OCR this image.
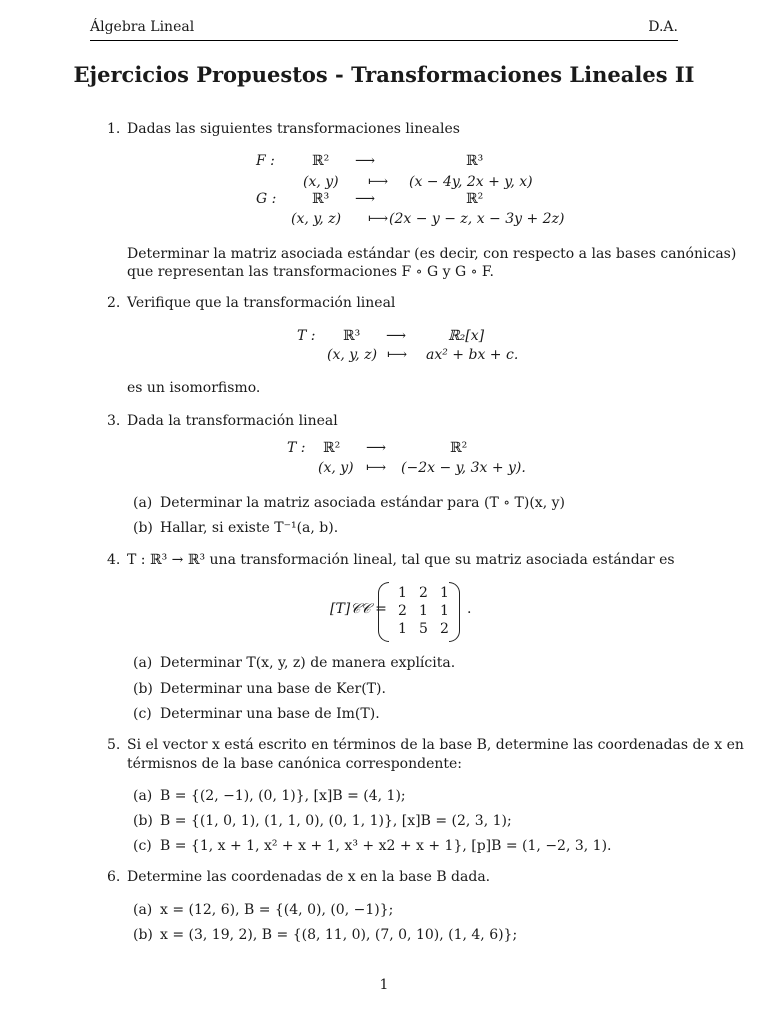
Álgebra Lineal	D.A.
Ejercicios Propuestos - Transformaciones Lineales II
1. Dadas las siguientes transformaciones lineales
F :	ℝ² ⟶	ℝ³
(x, y) ⟼ (x − 4y, 2x + y, x)
G :	ℝ³ ⟶	ℝ²
(x, y, z) ⟼ (2x − y − z, x − 3y + 2z)
Determinar la matriz asociada estándar (es decir, con respecto a las bases canónicas)
que representan las transformaciones F ∘ G y G ∘ F.
2. Verifique que la transformación lineal
T : ℝ³ ⟶	ℝ₂[x]
(x, y, z) ⟼ ax² + bx + c.
es un isomorfismo.
3. Dada la transformación lineal
T : ℝ² ⟶	ℝ²
(x, y) ⟼ (−2x − y, 3x + y).
(a) Determinar la matriz asociada estándar para (T ∘ T)(x, y)
(b) Hallar, si existe T⁻¹(a, b).
4. T : ℝ³ → ℝ³ una transformación lineal, tal que su matriz asociada estándar es
[T]𝒞𝒞 =
1 2 1
2 1 1
1 5 2
.
(a) Determinar T(x, y, z) de manera explícita.
(b) Determinar una base de Ker(T).
(c) Determinar una base de Im(T).
5. Si el vector x está escrito en términos de la base B, determine las coordenadas de x en
térmisnos de la base canónica correspondente:
(a) B = {(2, −1), (0, 1)}, [x]B = (4, 1);
(b) B = {(1, 0, 1), (1, 1, 0), (0, 1, 1)}, [x]B = (2, 3, 1);
(c) B = {1, x + 1, x² + x + 1, x³ + x2 + x + 1}, [p]B = (1, −2, 3, 1).
6. Determine las coordenadas de x en la base B dada.
(a) x = (12, 6), B = {(4, 0), (0, −1)};
(b) x = (3, 19, 2), B = {(8, 11, 0), (7, 0, 10), (1, 4, 6)};
1
